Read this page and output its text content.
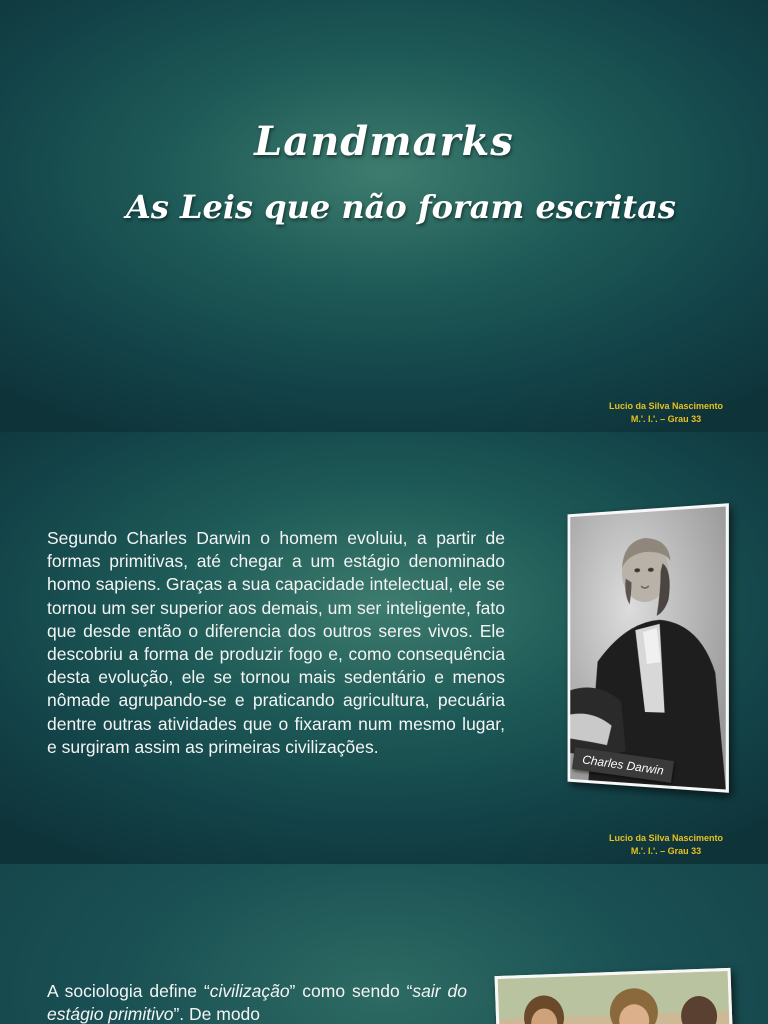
Landmarks
As Leis que não foram escritas
Lucio da Silva Nascimento
M.'. I.'. – Grau 33
Segundo Charles Darwin o homem evoluiu, a partir de formas primitivas, até chegar a um estágio denominado homo sapiens. Graças a sua capacidade intelectual, ele se tornou um ser superior aos demais, um ser inteligente, fato que desde então o diferencia dos outros seres vivos. Ele descobriu a forma de produzir fogo e, como consequência desta evolução, ele se tornou mais sedentário e menos nômade agrupando-se e praticando agricultura, pecuária dentre outras atividades que o fixaram num mesmo lugar, e surgiram assim as primeiras civilizações.
Charles Darwin
Lucio da Silva Nascimento
M.'. I.'. – Grau 33
A sociologia define “civilização” como sendo “sair do estágio primitivo”. De modo
